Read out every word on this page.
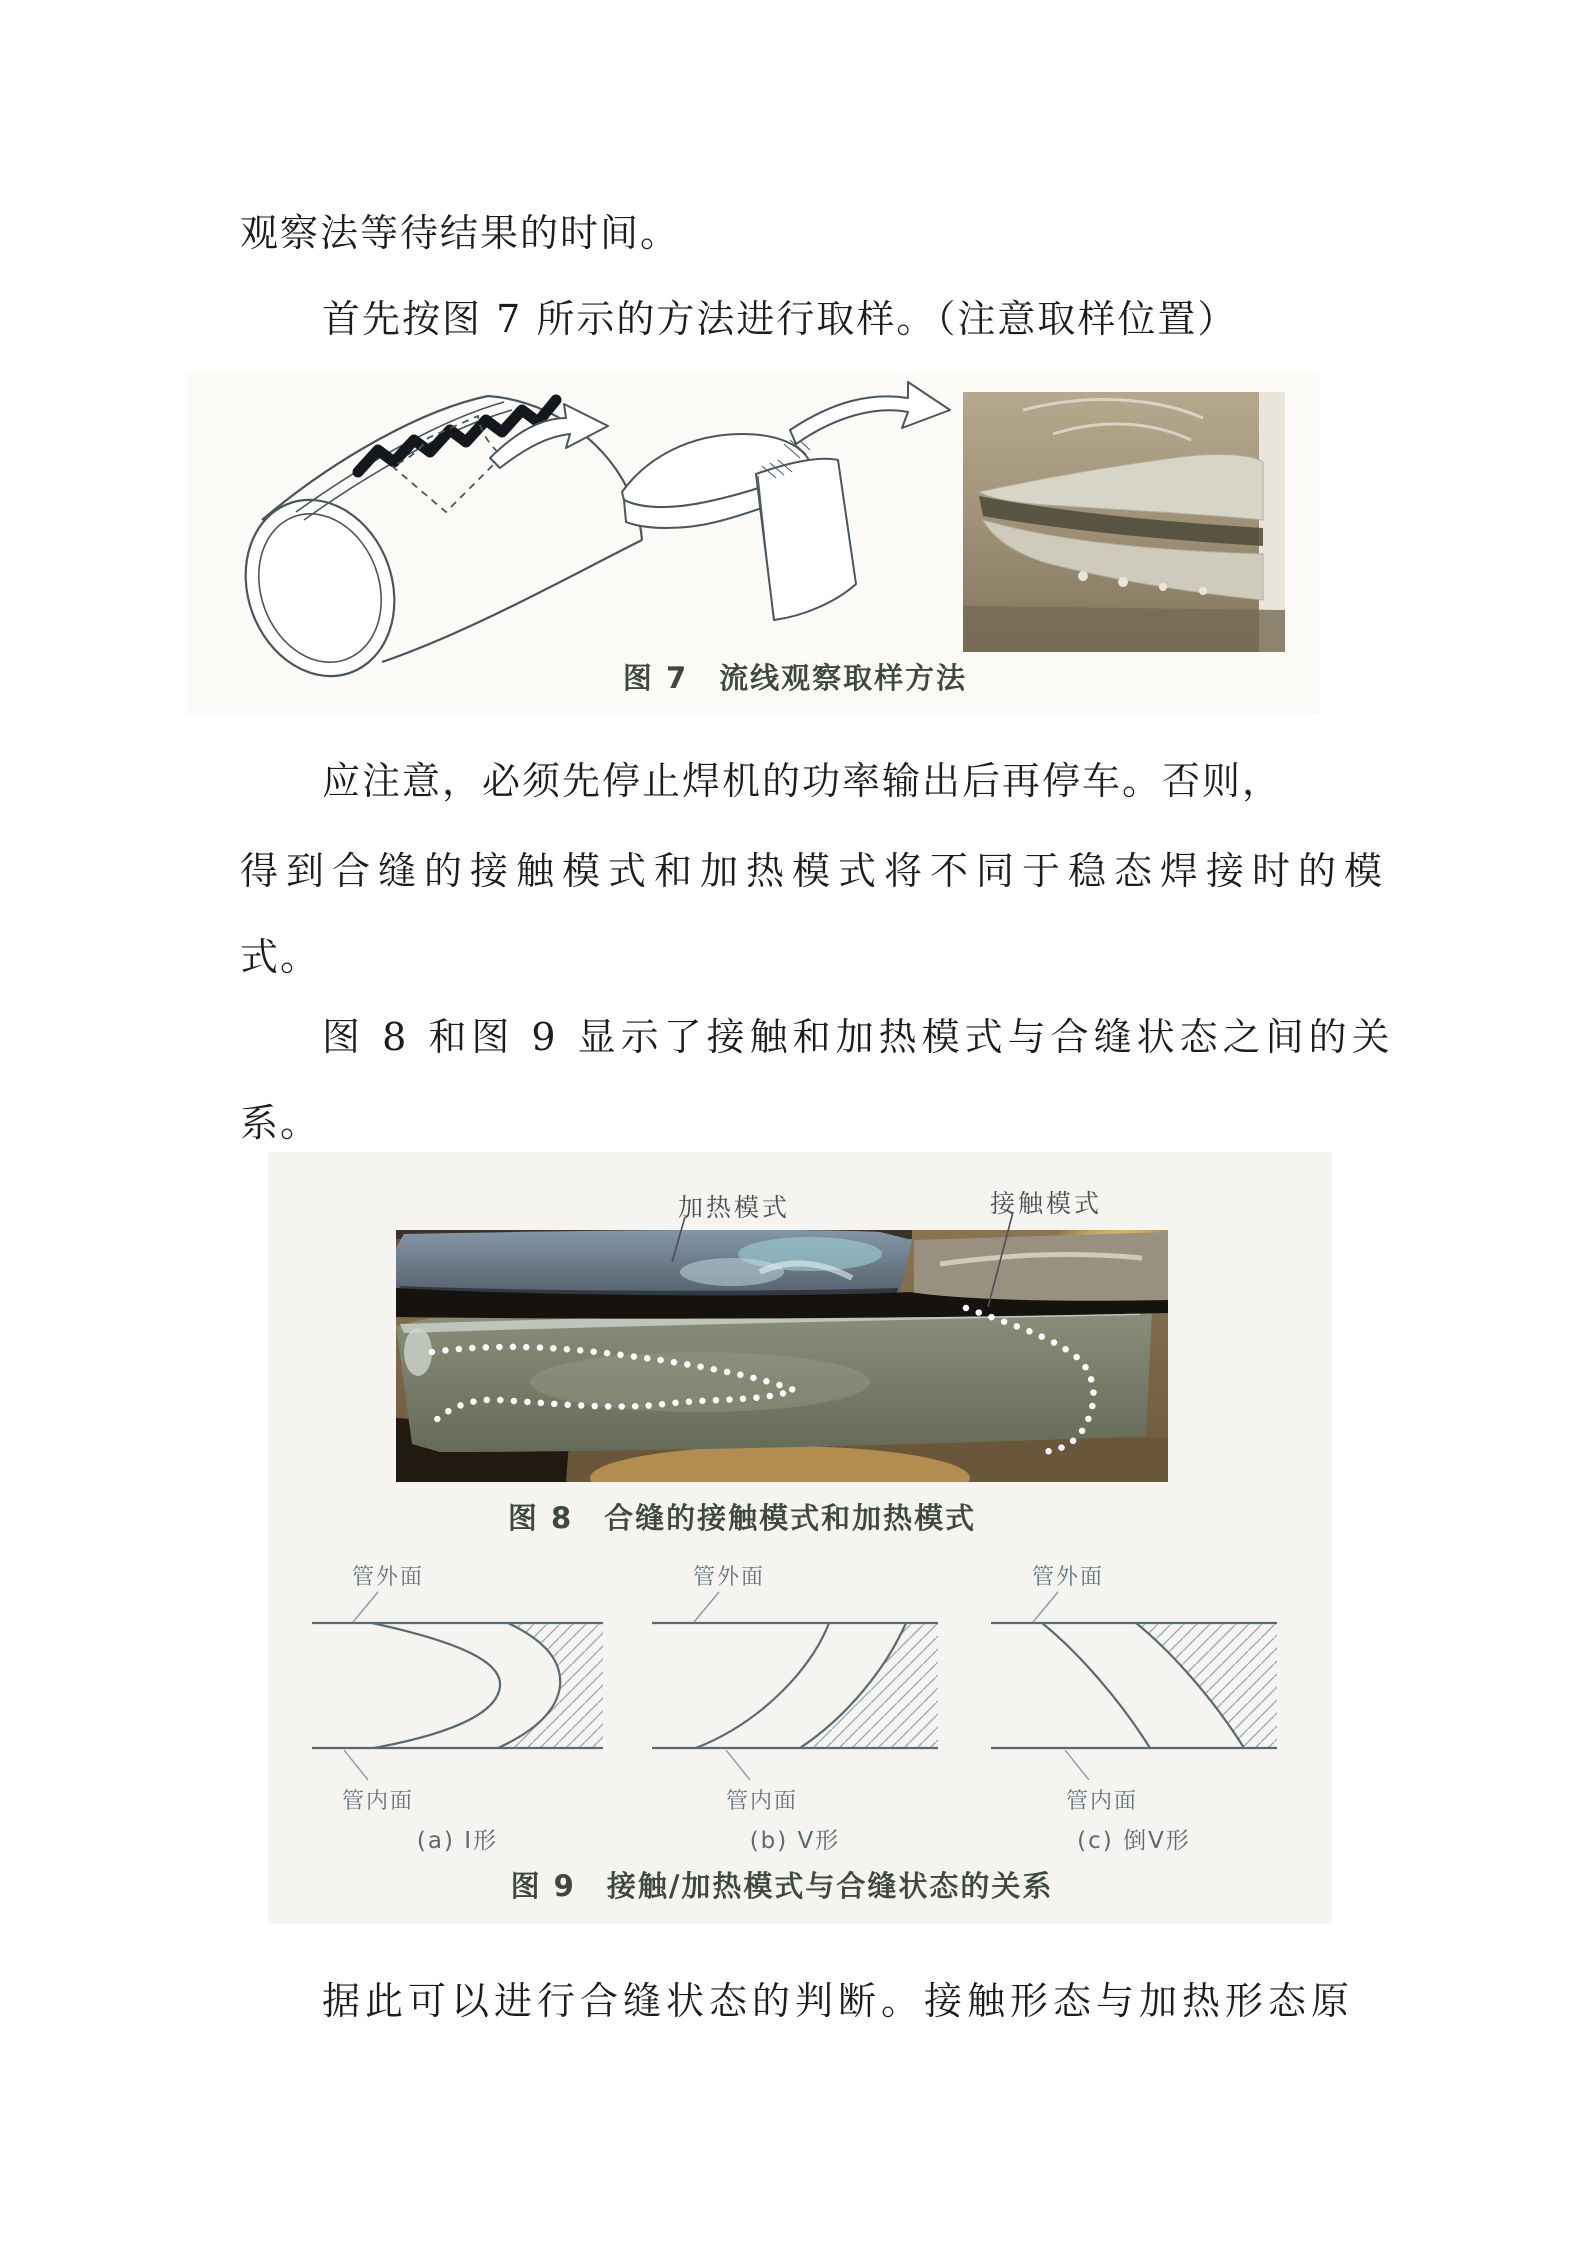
观察法等待结果的时间。
首先按图 7 所示的方法进行取样。（注意取样位置）
应注意，必须先停止焊机的功率输出后再停车。否则，
得到合缝的接触模式和加热模式将不同于稳态焊接时的模
式。
图 8 和图 9 显示了接触和加热模式与合缝状态之间的关
系。
据此可以进行合缝状态的判断。接触形态与加热形态原
图 7　流线观察取样方法
加热模式	接触模式
图 8　合缝的接触模式和加热模式
管外面	管外面	管外面
管内面	管内面	管内面
(a) I形	(b) V形	(c) 倒V形
图 9　接触/加热模式与合缝状态的关系
